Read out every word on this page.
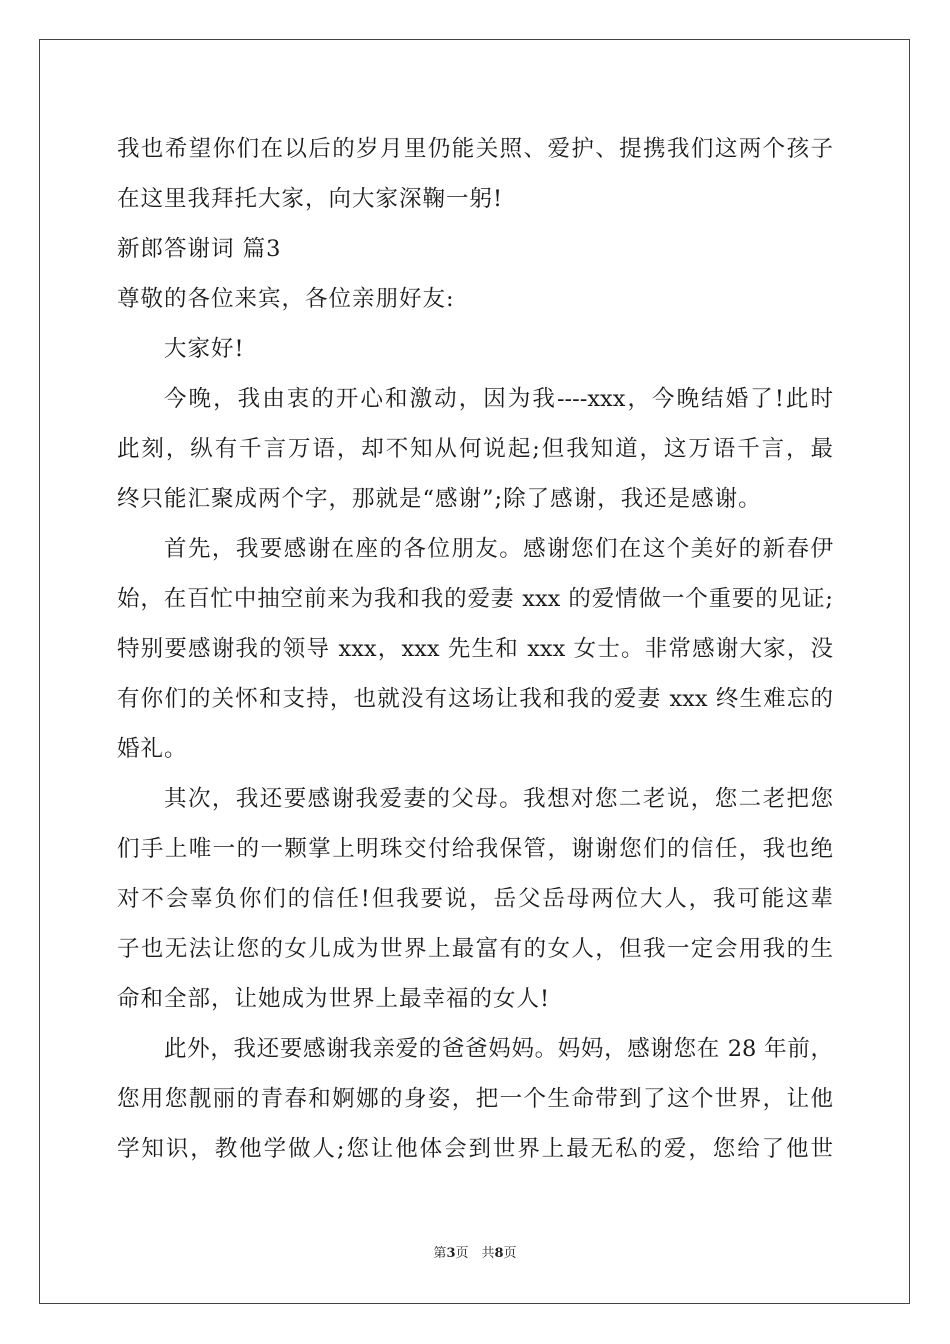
我也希望你们在以后的岁月里仍能关照、爱护、提携我们这两个孩子

在这里我拜托大家，向大家深鞠一躬!

新郎答谢词 篇3

尊敬的各位来宾，各位亲朋好友:

大家好!

今晚，我由衷的开心和激动，因为我----xxx，今晚结婚了!此时

此刻，纵有千言万语，却不知从何说起;但我知道，这万语千言，最

终只能汇聚成两个字，那就是“感谢”;除了感谢，我还是感谢。

首先，我要感谢在座的各位朋友。感谢您们在这个美好的新春伊

始，在百忙中抽空前来为我和我的爱妻 xxx 的爱情做一个重要的见证;

特别要感谢我的领导 xxx，xxx 先生和 xxx 女士。非常感谢大家，没

有你们的关怀和支持，也就没有这场让我和我的爱妻 xxx 终生难忘的

婚礼。

其次，我还要感谢我爱妻的父母。我想对您二老说，您二老把您

们手上唯一的一颗掌上明珠交付给我保管，谢谢您们的信任，我也绝

对不会辜负你们的信任!但我要说，岳父岳母两位大人，我可能这辈

子也无法让您的女儿成为世界上最富有的女人，但我一定会用我的生

命和全部，让她成为世界上最幸福的女人!

此外，我还要感谢我亲爱的爸爸妈妈。妈妈，感谢您在 28 年前，

您用您靓丽的青春和婀娜的身姿，把一个生命带到了这个世界，让他

学知识，教他学做人;您让他体会到世界上最无私的爱，您给了他世

第3页　共8页
